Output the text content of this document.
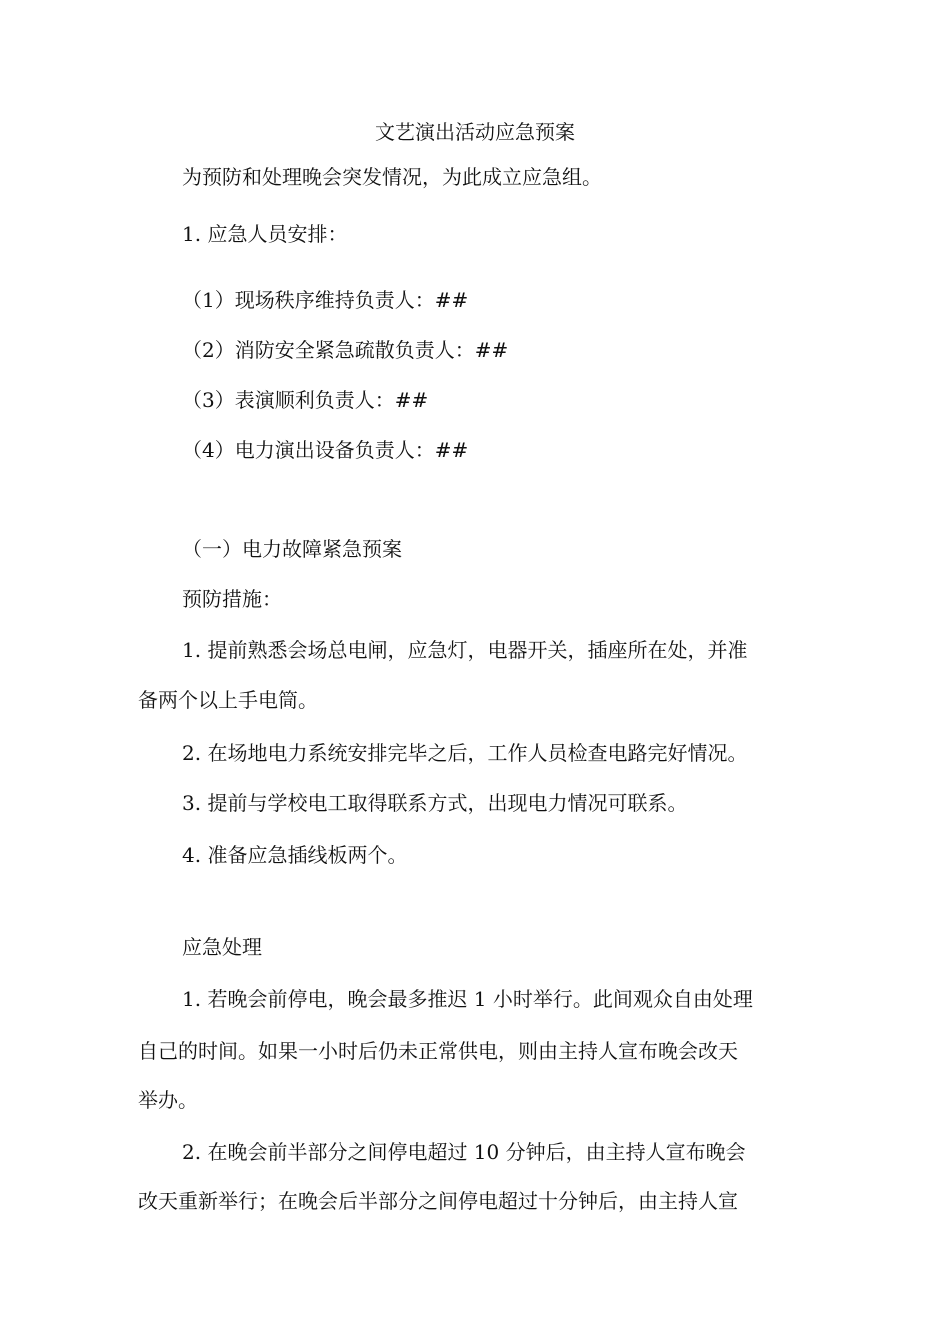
文艺演出活动应急预案
为预防和处理晚会突发情况，为此成立应急组。
1. 应急人员安排：
（1）现场秩序维持负责人：##
（2）消防安全紧急疏散负责人：##
（3）表演顺利负责人：##
（4）电力演出设备负责人：##
（一）电力故障紧急预案
预防措施：
1. 提前熟悉会场总电闸，应急灯，电器开关，插座所在处，并准
备两个以上手电筒。
2. 在场地电力系统安排完毕之后，工作人员检查电路完好情况。
3. 提前与学校电工取得联系方式，出现电力情况可联系。
4. 准备应急插线板两个。
应急处理
1. 若晚会前停电，晚会最多推迟 1 小时举行。此间观众自由处理
自己的时间。如果一小时后仍未正常供电，则由主持人宣布晚会改天
举办。
2. 在晚会前半部分之间停电超过 10 分钟后，由主持人宣布晚会
改天重新举行；在晚会后半部分之间停电超过十分钟后，由主持人宣
